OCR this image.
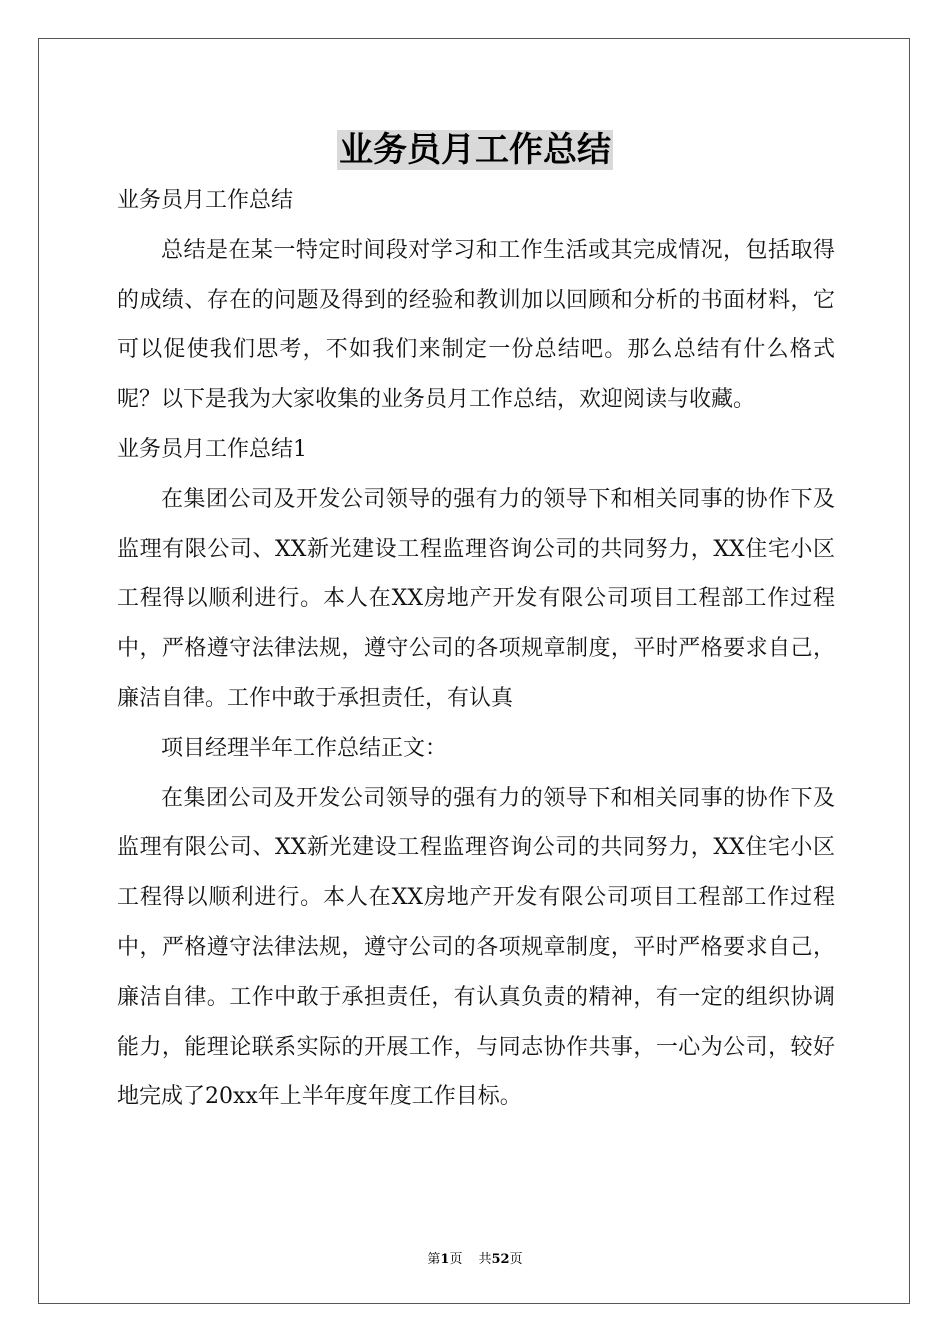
业务员月工作总结

业务员月工作总结

总结是在某一特定时间段对学习和工作生活或其完成情况，包括取得的成绩、存在的问题及得到的经验和教训加以回顾和分析的书面材料，它可以促使我们思考，不如我们来制定一份总结吧。那么总结有什么格式呢？以下是我为大家收集的业务员月工作总结，欢迎阅读与收藏。

业务员月工作总结1

在集团公司及开发公司领导的强有力的领导下和相关同事的协作下及监理有限公司、XX新光建设工程监理咨询公司的共同努力，XX住宅小区工程得以顺利进行。本人在XX房地产开发有限公司项目工程部工作过程中，严格遵守法律法规，遵守公司的各项规章制度，平时严格要求自己，廉洁自律。工作中敢于承担责任，有认真

项目经理半年工作总结正文：

在集团公司及开发公司领导的强有力的领导下和相关同事的协作下及监理有限公司、XX新光建设工程监理咨询公司的共同努力，XX住宅小区工程得以顺利进行。本人在XX房地产开发有限公司项目工程部工作过程中，严格遵守法律法规，遵守公司的各项规章制度，平时严格要求自己，廉洁自律。工作中敢于承担责任，有认真负责的精神，有一定的组织协调能力，能理论联系实际的开展工作，与同志协作共事，一心为公司，较好地完成了20xx年上半年度年度工作目标。

第1页 共52页
